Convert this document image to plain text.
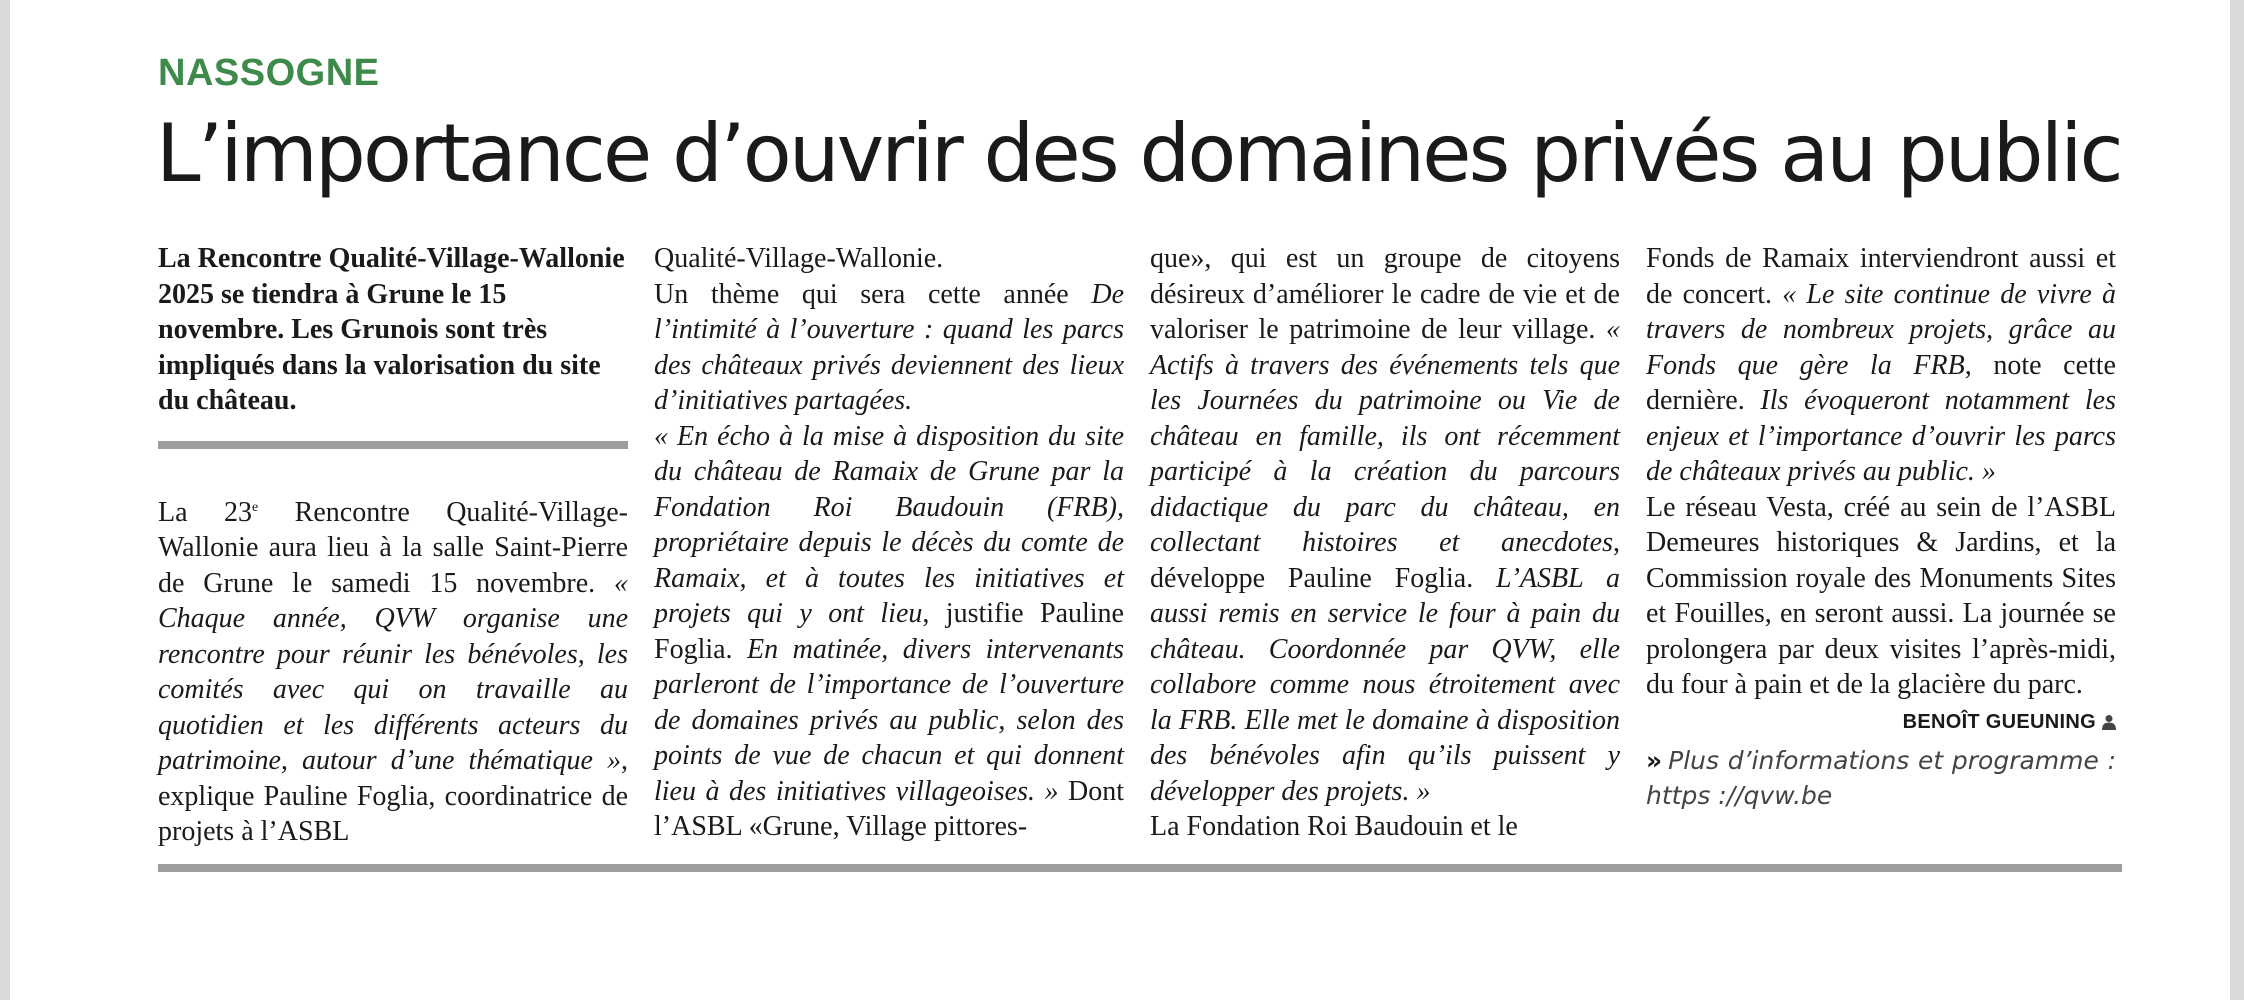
NASSOGNE
L’importance d’ouvrir des domaines privés au public

La Rencontre Qualité-Village-Wallonie 2025 se tiendra à Grune le 15 novembre. Les Grunois sont très impliqués dans la valorisation du site du château.

La 23e Rencontre Qualité-Village-Wallonie aura lieu à la salle Saint-Pierre de Grune le samedi 15 novembre. « Chaque année, QVW organise une rencontre pour réunir les bénévoles, les comités avec qui on travaille au quotidien et les différents acteurs du patrimoine, autour d’une thématique », explique Pauline Foglia, coordinatrice de projets à l’ASBL

Qualité-Village-Wallonie.

Un thème qui sera cette année De l’intimité à l’ouverture : quand les parcs des châteaux privés deviennent des lieux d’initiatives partagées.

« En écho à la mise à disposition du site du château de Ramaix de Grune par la Fondation Roi Baudouin (FRB), propriétaire depuis le décès du comte de Ramaix, et à toutes les initiatives et projets qui y ont lieu, justifie Pauline Foglia. En matinée, divers intervenants parleront de l’importance de l’ouverture de domaines privés au public, selon des points de vue de chacun et qui donnent lieu à des initiatives villageoises. » Dont l’ASBL «Grune, Village pittores-

que», qui est un groupe de citoyens désireux d’améliorer le cadre de vie et de valoriser le patrimoine de leur village. « Actifs à travers des événements tels que les Journées du patrimoine ou Vie de château en famille, ils ont récemment participé à la création du parcours didactique du parc du château, en collectant histoires et anecdotes, développe Pauline Foglia. L’ASBL a aussi remis en service le four à pain du château. Coordonnée par QVW, elle collabore comme nous étroitement avec la FRB. Elle met le domaine à disposition des bénévoles afin qu’ils puissent y développer des projets. »

La Fondation Roi Baudouin et le

Fonds de Ramaix interviendront aussi et de concert. « Le site continue de vivre à travers de nombreux projets, grâce au Fonds que gère la FRB, note cette dernière. Ils évoqueront notamment les enjeux et l’importance d’ouvrir les parcs de châteaux privés au public. »

Le réseau Vesta, créé au sein de l’ASBL Demeures historiques & Jardins, et la Commission royale des Monuments Sites et Fouilles, en seront aussi. La journée se prolongera par deux visites l’après-midi, du four à pain et de la glacière du parc.

BENOÎT GUEUNING
» Plus d’informations et programme : https ://qvw.be
